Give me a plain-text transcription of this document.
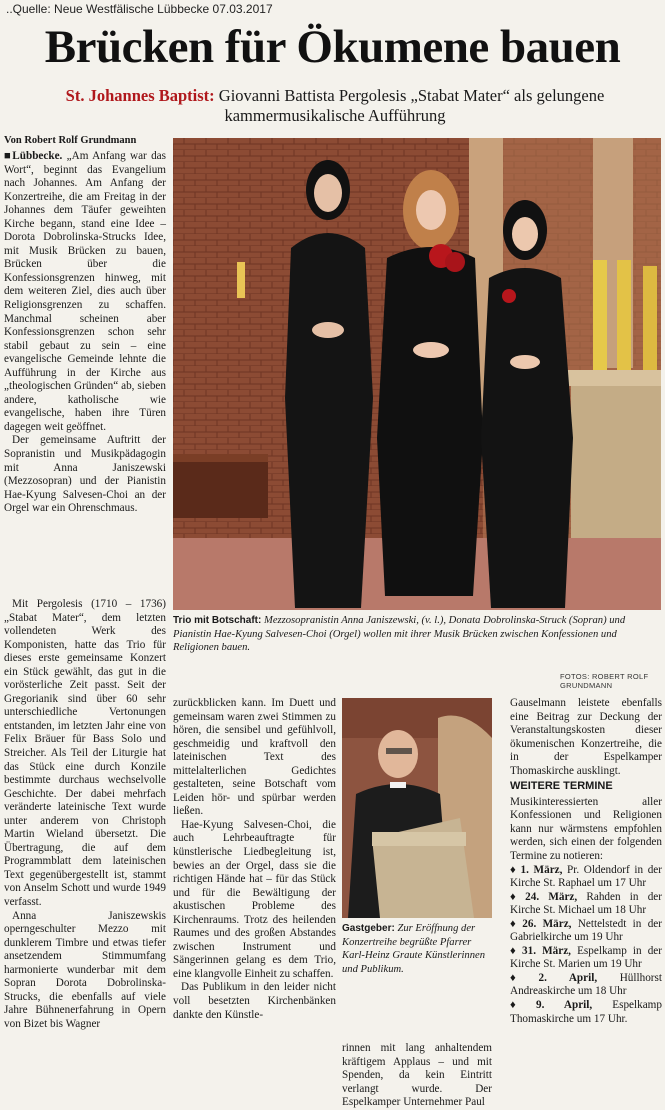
..Quelle: Neue Westfälische Lübbecke 07.03.2017
Brücken für Ökumene bauen
St. Johannes Baptist: Giovanni Battista Pergolesis „Stabat Mater“ als gelungene kammermusikalische Aufführung
Von Robert Rolf Grundmann

■Lübbecke. „Am Anfang war das Wort“, beginnt das Evangelium nach Johannes. Am Anfang der Konzertreihe, die am Freitag in der Johannes dem Täufer geweihten Kirche begann, stand eine Idee – Dorota Dobrolinska-Strucks Idee, mit Musik Brücken zu bauen, Brücken über die Konfessionsgrenzen hinweg, mit dem weiteren Ziel, dies auch über Religionsgrenzen zu schaffen. Manchmal scheinen aber Konfessionsgrenzen schon sehr stabil gebaut zu sein – eine evangelische Gemeinde lehnte die Aufführung in der Kirche aus „theologischen Gründen“ ab, sieben andere, katholische wie evangelische, haben ihre Türen dagegen weit geöffnet.

Der gemeinsame Auftritt der Sopranistin und Musikpädagogin mit Anna Janiszewski (Mezzosopran) und der Pianistin Hae-Kyung Salvesen-Choi an der Orgel war ein Ohrenschmaus.

Mit Pergolesis (1710 – 1736) „Stabat Mater“, dem letzten vollendeten Werk des Komponisten, hatte das Trio für dieses erste gemeinsame Konzert ein Stück gewählt, das gut in die vorösterliche Zeit passt. Seit der Gregorianik sind über 60 sehr unterschiedliche Vertonungen entstanden, im letzten Jahr eine von Felix Bräuer für Bass Solo und Streicher. Als Teil der Liturgie hat das Stück eine durch Konzile bestimmte durchaus wechselvolle Geschichte. Der dabei mehrfach veränderte lateinische Text wurde unter anderem von Christoph Martin Wieland übersetzt. Die Übertragung, die auf dem Programmblatt dem lateinischen Text gegenübergestellt ist, stammt von Anselm Schott und wurde 1949 verfasst.

Anna Janiszewskis operngeschulter Mezzo mit dunklerem Timbre und etwas tiefer ansetzendem Stimmumfang harmonierte wunderbar mit dem Sopran Dorota Dobrolinska-Strucks, die ebenfalls auf viele Jahre Bühnenerfahrung in Opern von Bizet bis Wagner

Trio mit Botschaft: Mezzosopranistin Anna Janiszewski, (v. l.), Donata Dobrolinska-Struck (Sopran) und Pianistin Hae-Kyung Salvesen-Choi (Orgel) wollen mit ihrer Musik Brücken zwischen Konfessionen und Religionen bauen.
FOTOS: ROBERT ROLF GRUNDMANN

zurückblicken kann. Im Duett und gemeinsam waren zwei Stimmen zu hören, die sensibel und gefühlvoll, geschmeidig und kraftvoll den lateinischen Text des mittelalterlichen Gedichtes gestalteten, seine Botschaft vom Leiden hör- und spürbar werden ließen.

Hae-Kyung Salvesen-Choi, die auch Lehrbeauftragte für künstlerische Liedbegleitung ist, bewies an der Orgel, dass sie die richtigen Hände hat – für das Stück und für die Bewältigung der akustischen Probleme des Kirchenraums. Trotz des heilenden Raumes und des großen Abstandes zwischen Instrument und Sängerinnen gelang es dem Trio, eine klangvolle Einheit zu schaffen.

Das Publikum in den leider nicht voll besetzten Kirchenbänken dankte den Künstle-

Gastgeber: Zur Eröffnung der Konzertreihe begrüßte Pfarrer Karl-Heinz Graute Künstlerinnen und Publikum.

rinnen mit lang anhaltendem kräftigem Applaus – und mit Spenden, da kein Eintritt verlangt wurde. Der Espelkamper Unternehmer Paul

Gauselmann leistete ebenfalls eine Beitrag zur Deckung der Veranstaltungskosten dieser ökumenischen Konzertreihe, die in der Espelkamper Thomaskirche ausklingt.

WEITERE TERMINE

Musikinteressierten aller Konfessionen und Religionen kann nur wärmstens empfohlen werden, sich einen der folgenden Termine zu notieren:

♦ 1. März, Pr. Oldendorf in der Kirche St. Raphael um 17 Uhr

♦ 24. März, Rahden in der Kirche St. Michael um 18 Uhr

♦ 26. März, Nettelstedt in der Gabrielkirche um 19 Uhr

♦ 31. März, Espelkamp in der Kirche St. Marien um 19 Uhr

♦ 2. April, Hüllhorst Andreaskirche um 18 Uhr

♦ 9. April, Espelkamp Thomaskirche um 17 Uhr.
